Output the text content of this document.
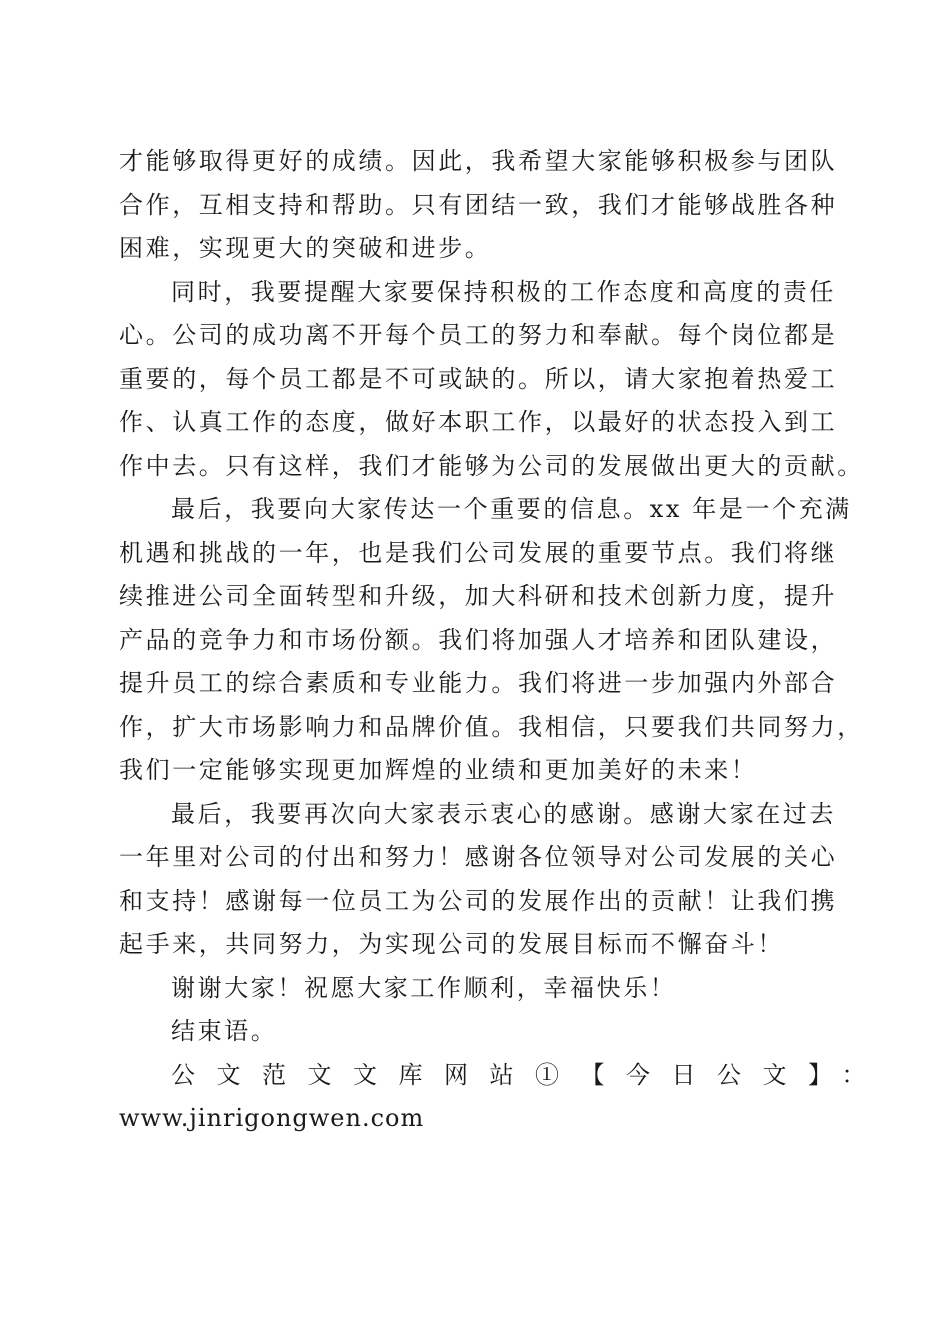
才能够取得更好的成绩。因此，我希望大家能够积极参与团队
合作，互相支持和帮助。只有团结一致，我们才能够战胜各种
困难，实现更大的突破和进步。
同时，我要提醒大家要保持积极的工作态度和高度的责任
心。公司的成功离不开每个员工的努力和奉献。每个岗位都是
重要的，每个员工都是不可或缺的。所以，请大家抱着热爱工
作、认真工作的态度，做好本职工作，以最好的状态投入到工
作中去。只有这样，我们才能够为公司的发展做出更大的贡献。
最后，我要向大家传达一个重要的信息。xx 年是一个充满
机遇和挑战的一年，也是我们公司发展的重要节点。我们将继
续推进公司全面转型和升级，加大科研和技术创新力度，提升
产品的竞争力和市场份额。我们将加强人才培养和团队建设，
提升员工的综合素质和专业能力。我们将进一步加强内外部合
作，扩大市场影响力和品牌价值。我相信，只要我们共同努力，
我们一定能够实现更加辉煌的业绩和更加美好的未来！
最后，我要再次向大家表示衷心的感谢。感谢大家在过去
一年里对公司的付出和努力！感谢各位领导对公司发展的关心
和支持！感谢每一位员工为公司的发展作出的贡献！让我们携
起手来，共同努力，为实现公司的发展目标而不懈奋斗！
谢谢大家！祝愿大家工作顺利，幸福快乐！
结束语。
公文范文文库网站①【今日公文】：
www.jinrigongwen.com
